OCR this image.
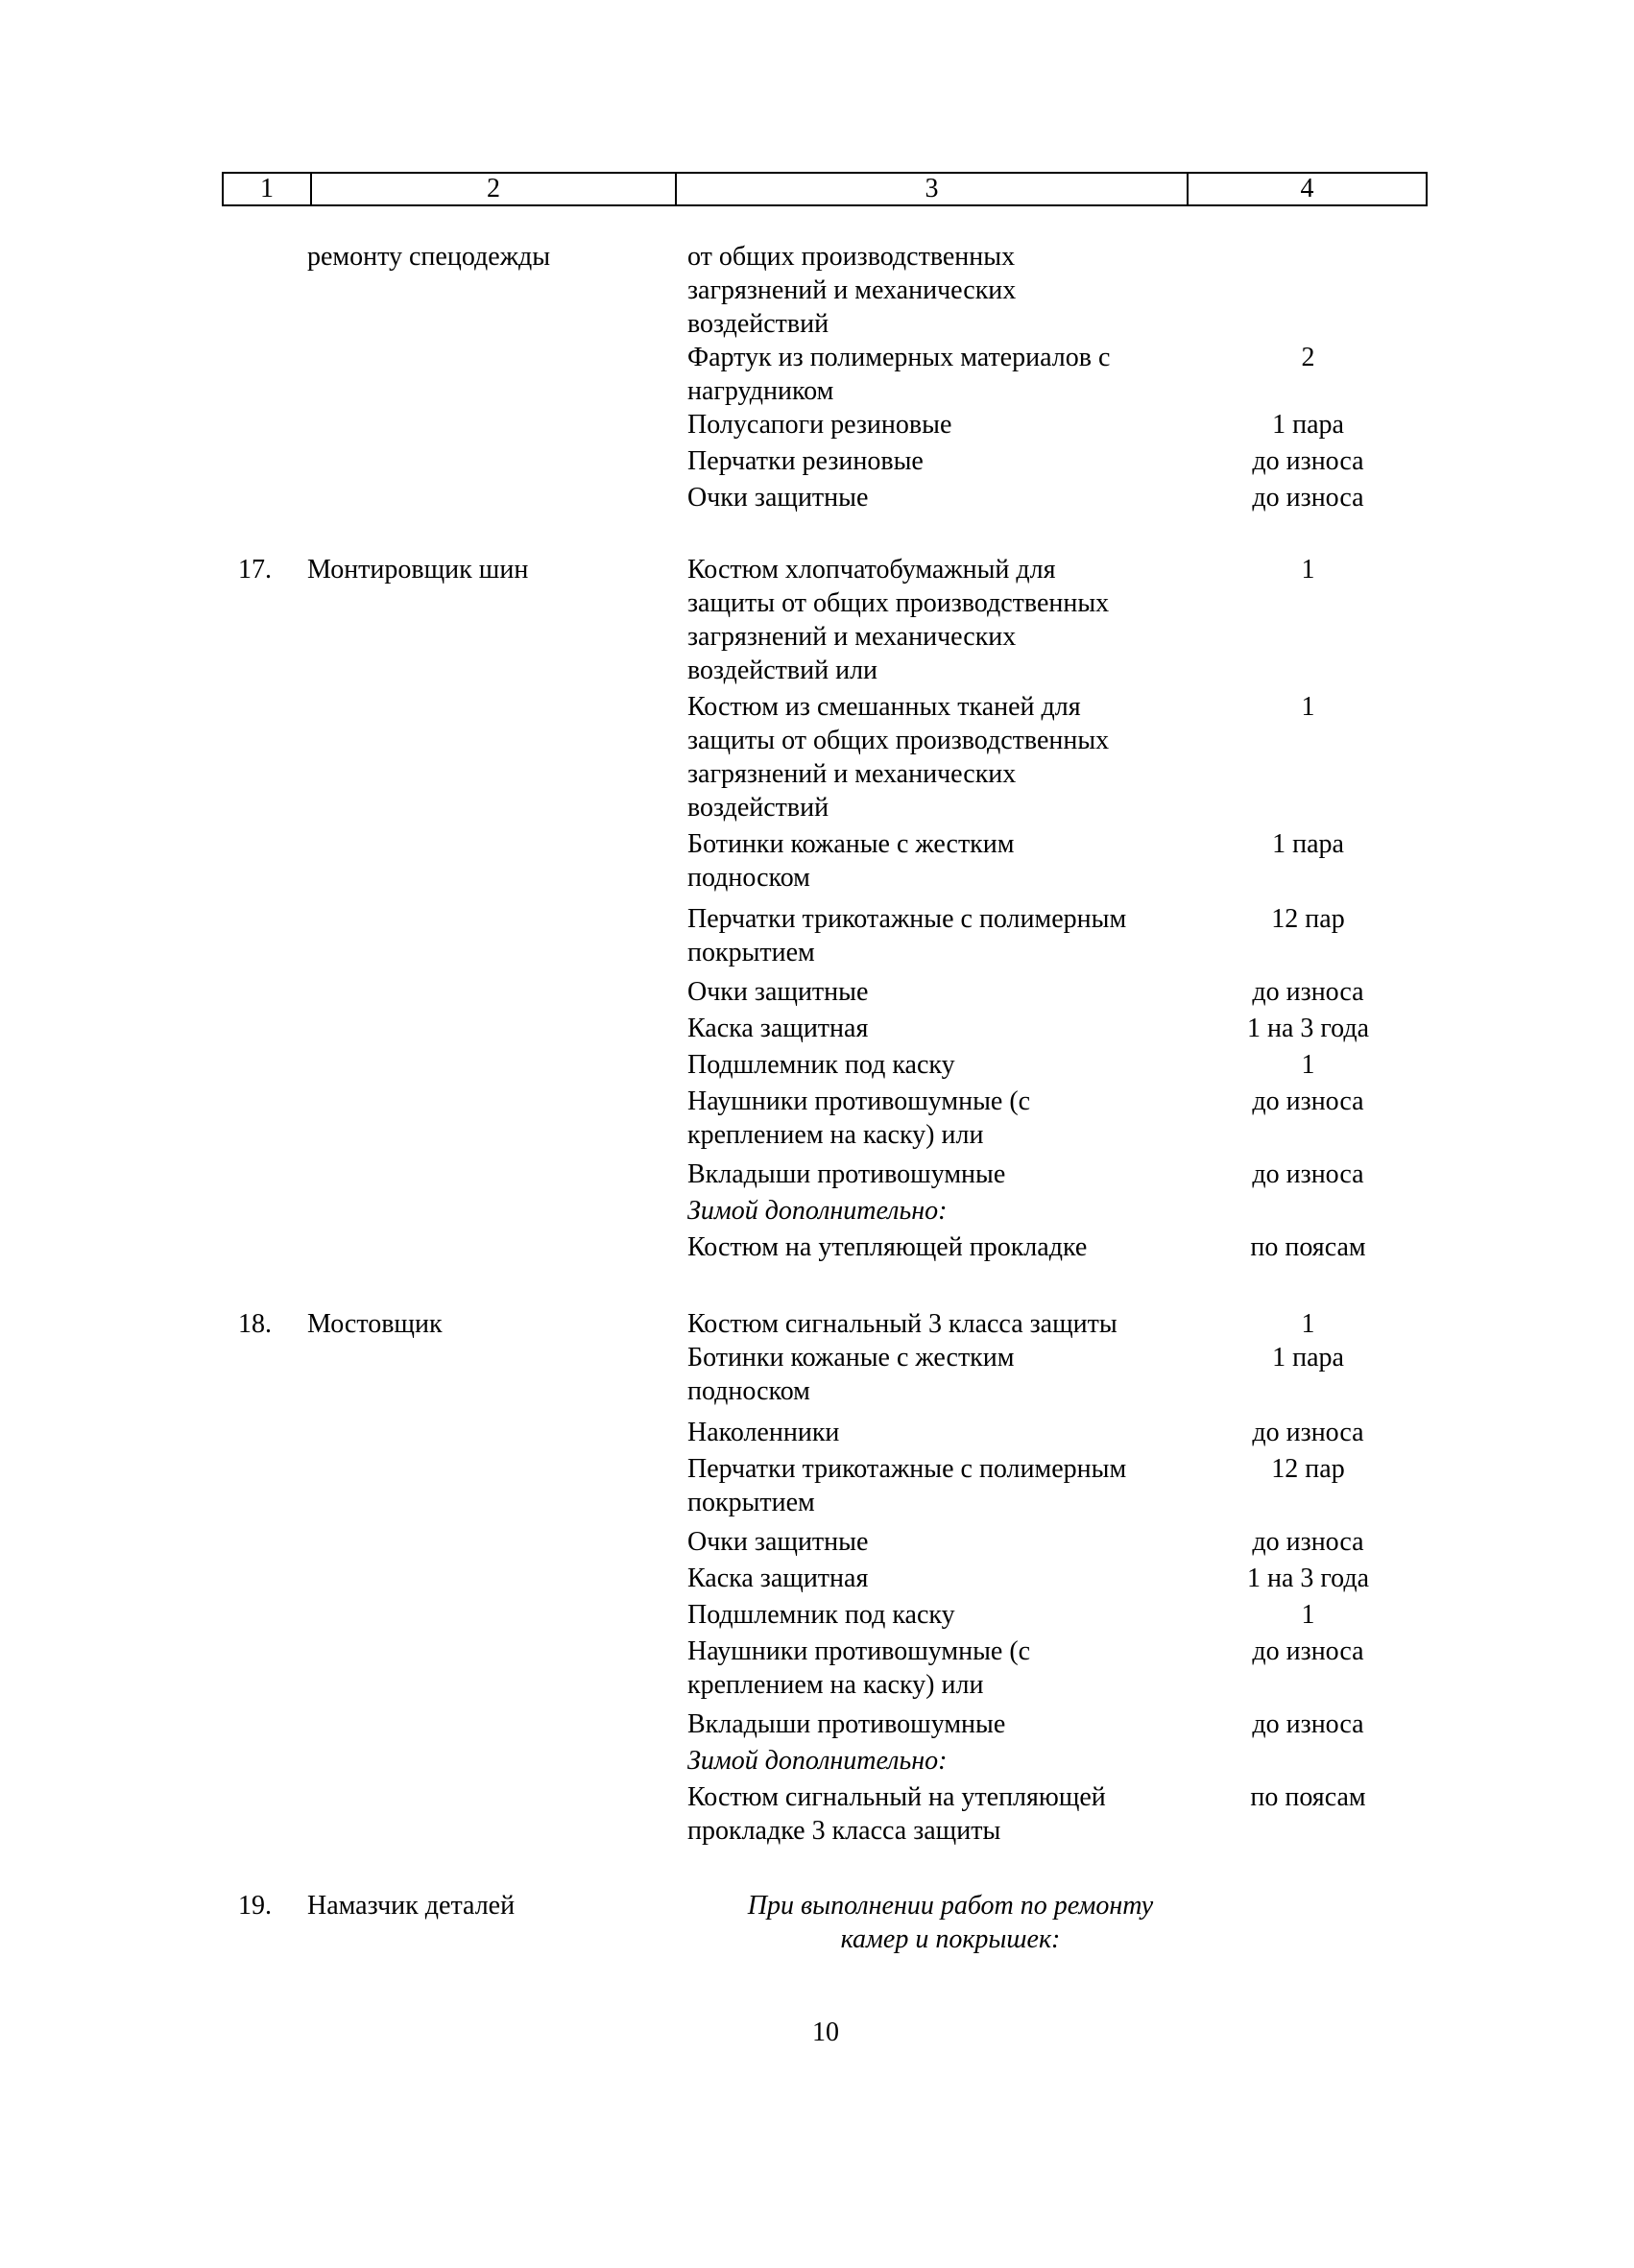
1	2	3	4
ремонту спецодежды	от общих производственных
загрязнений и механических
воздействий
Фартук из полимерных материалов с	2
нагрудником
Полусапоги резиновые	1 пара
Перчатки резиновые	до износа
Очки защитные	до износа
17. Монтировщик шин	Костюм хлопчатобумажный для	1
защиты от общих производственных
загрязнений и механических
воздействий или
Костюм из смешанных тканей для	1
защиты от общих производственных
загрязнений и механических
воздействий
Ботинки кожаные с жестким	1 пара
подноском
Перчатки трикотажные с полимерным	12 пар
покрытием
Очки защитные	до износа
Каска защитная	1 на 3 года
Подшлемник под каску	1
Наушники противошумные (с	до износа
креплением на каску) или
Вкладыши противошумные	до износа
Зимой дополнительно:
Костюм на утепляющей прокладке	по поясам
18. Мостовщик	Костюм сигнальный 3 класса защиты	1
Ботинки кожаные с жестким	1 пара
подноском
Наколенники	до износа
Перчатки трикотажные с полимерным	12 пар
покрытием
Очки защитные	до износа
Каска защитная	1 на 3 года
Подшлемник под каску	1
Наушники противошумные (с	до износа
креплением на каску) или
Вкладыши противошумные	до износа
Зимой дополнительно:
Костюм сигнальный на утепляющей	по поясам
прокладке 3 класса защиты
19. Намазчик деталей	При выполнении работ по ремонту
камер и покрышек:
10
